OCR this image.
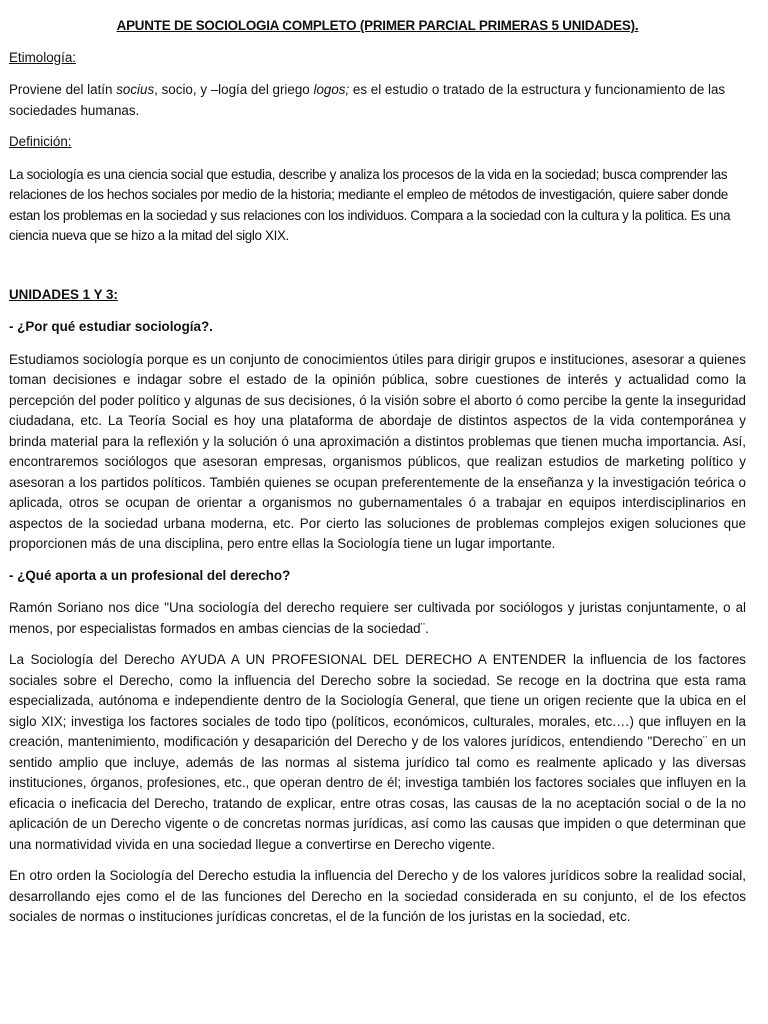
APUNTE DE SOCIOLOGIA COMPLETO (PRIMER PARCIAL PRIMERAS 5 UNIDADES).
Etimología:

Proviene del latín socius, socio, y –logía del griego logos; es el estudio o tratado de la estructura y funcionamiento de las sociedades humanas.

Definición:

La sociología es una ciencia social que estudia, describe y analiza los procesos de la vida en la sociedad; busca comprender las relaciones de los hechos sociales por medio de la historia; mediante el empleo de métodos de investigación, quiere saber donde estan los problemas en la sociedad y sus relaciones con los individuos. Compara a la sociedad con la cultura y la politica. Es una ciencia nueva que se hizo a la mitad del siglo XIX.

UNIDADES 1 Y 3:
- ¿Por qué estudiar sociología?.

Estudiamos sociología porque es un conjunto de conocimientos útiles para dirigir grupos e instituciones, asesorar a quienes toman decisiones e indagar sobre el estado de la opinión pública, sobre cuestiones de interés y actualidad como la percepción del poder político y algunas de sus decisiones, ó la visión sobre el aborto ó como percibe la gente la inseguridad ciudadana, etc. La Teoría Social es hoy una plataforma de abordaje de distintos aspectos de la vida contemporánea y brinda material para la reflexión y la solución ó una aproximación a distintos problemas que tienen mucha importancia. Así, encontraremos sociólogos que asesoran empresas, organismos públicos, que realizan estudios de marketing político y asesoran a los partidos políticos. También quienes se ocupan preferentemente de la enseñanza y la investigación teórica o aplicada, otros se ocupan de orientar a organismos no gubernamentales ó a trabajar en equipos interdisciplinarios en aspectos de la sociedad urbana moderna, etc. Por cierto las soluciones de problemas complejos exigen soluciones que proporcionen más de una disciplina, pero entre ellas la Sociología tiene un lugar importante.

- ¿Qué aporta a un profesional del derecho?

Ramón Soriano nos dice "Una sociología del derecho requiere ser cultivada por sociólogos y juristas conjuntamente, o al menos, por especialistas formados en ambas ciencias de la sociedad¨.

La Sociología del Derecho AYUDA A UN PROFESIONAL DEL DERECHO A ENTENDER la influencia de los factores sociales sobre el Derecho, como la influencia del Derecho sobre la sociedad. Se recoge en la doctrina que esta rama especializada, autónoma e independiente dentro de la Sociología General, que tiene un origen reciente que la ubica en el siglo XIX; investiga los factores sociales de todo tipo (políticos, económicos, culturales, morales, etc.…) que influyen en la creación, mantenimiento, modificación y desaparición del Derecho y de los valores jurídicos, entendiendo "Derecho¨ en un sentido amplio que incluye, además de las normas al sistema jurídico tal como es realmente aplicado y las diversas instituciones, órganos, profesiones, etc., que operan dentro de él; investiga también los factores sociales que influyen en la eficacia o ineficacia del Derecho, tratando de explicar, entre otras cosas, las causas de la no aceptación social o de la no aplicación de un Derecho vigente o de concretas normas jurídicas, así como las causas que impiden o que determinan que una normatividad vivida en una sociedad llegue a convertirse en Derecho vigente.

En otro orden la Sociología del Derecho estudia la influencia del Derecho y de los valores jurídicos sobre la realidad social, desarrollando ejes como el de las funciones del Derecho en la sociedad considerada en su conjunto, el de los efectos sociales de normas o instituciones jurídicas concretas, el de la función de los juristas en la sociedad, etc.
